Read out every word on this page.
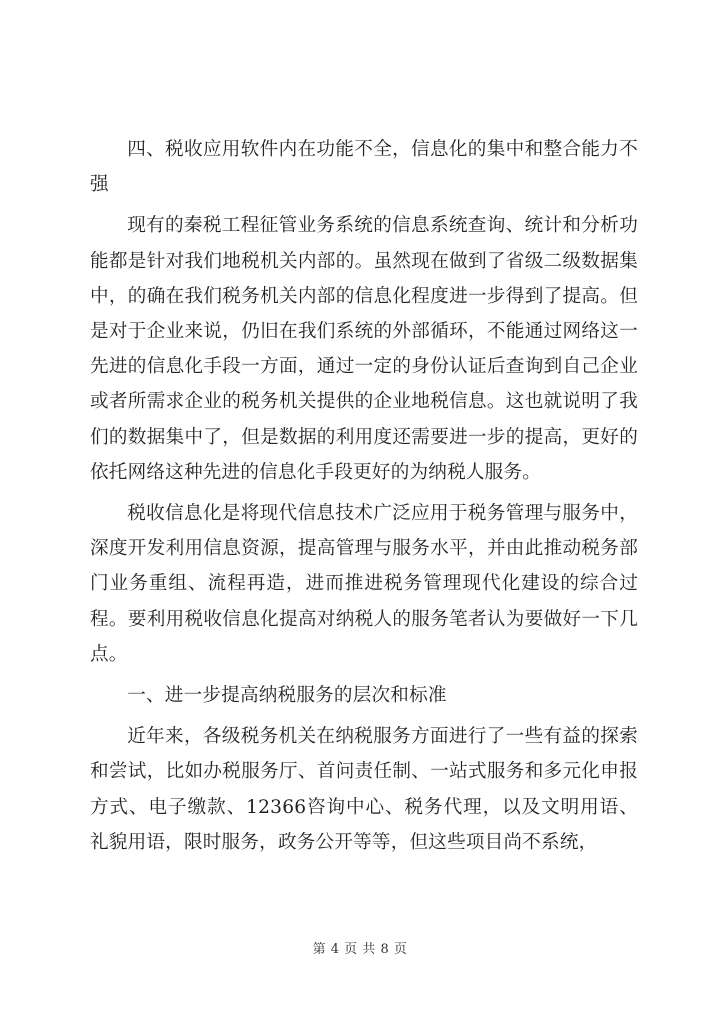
四、税收应用软件内在功能不全，信息化的集中和整合能力不强

现有的秦税工程征管业务系统的信息系统查询、统计和分析功能都是针对我们地税机关内部的。虽然现在做到了省级二级数据集中，的确在我们税务机关内部的信息化程度进一步得到了提高。但是对于企业来说，仍旧在我们系统的外部循环，不能通过网络这一先进的信息化手段一方面，通过一定的身份认证后查询到自己企业或者所需求企业的税务机关提供的企业地税信息。这也就说明了我们的数据集中了，但是数据的利用度还需要进一步的提高，更好的依托网络这种先进的信息化手段更好的为纳税人服务。

税收信息化是将现代信息技术广泛应用于税务管理与服务中，深度开发利用信息资源，提高管理与服务水平，并由此推动税务部门业务重组、流程再造，进而推进税务管理现代化建设的综合过程。要利用税收信息化提高对纳税人的服务笔者认为要做好一下几点。

一、进一步提高纳税服务的层次和标准

近年来，各级税务机关在纳税服务方面进行了一些有益的探索和尝试，比如办税服务厅、首问责任制、一站式服务和多元化申报方式、电子缴款、12366咨询中心、税务代理，以及文明用语、礼貌用语，限时服务，政务公开等等，但这些项目尚不系统，

第 4 页 共 8 页
